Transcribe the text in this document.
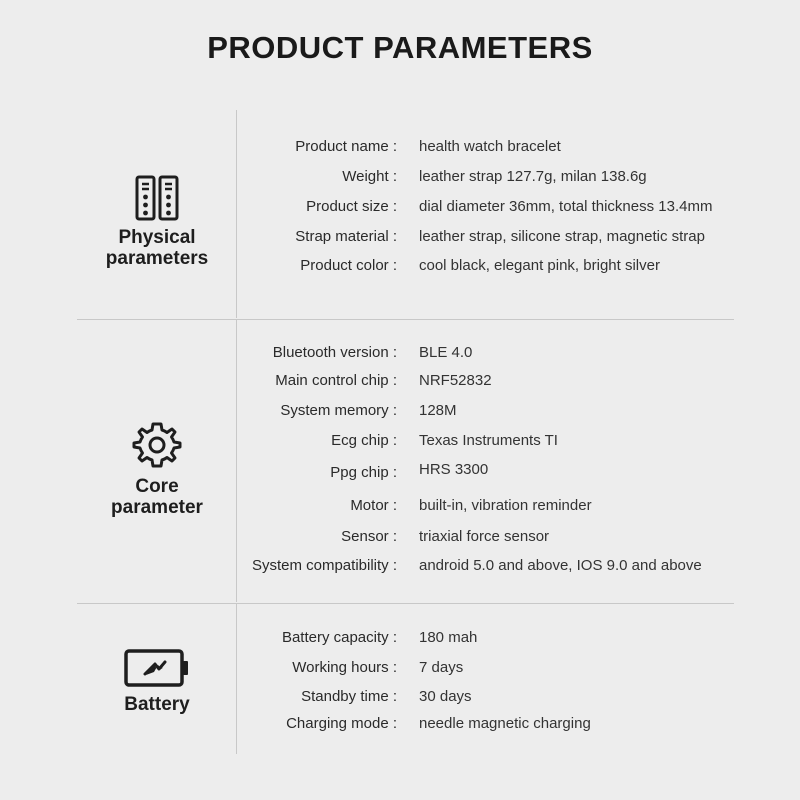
PRODUCT PARAMETERS
Physical
parameters
Core
parameter
Battery
Product name : health watch bracelet
Weight : leather strap 127.7g, milan 138.6g
Product size : dial diameter 36mm, total thickness 13.4mm
Strap material : leather strap, silicone strap, magnetic strap
Product color : cool black, elegant pink, bright silver
Bluetooth version : BLE 4.0
Main control chip : NRF52832
System memory : 128M
Ecg chip : Texas Instruments TI
Ppg chip : HRS 3300
Motor : built-in, vibration reminder
Sensor : triaxial force sensor
System compatibility : android 5.0 and above, IOS 9.0 and above
Battery capacity : 180 mah
Working hours : 7 days
Standby time : 30 days
Charging mode : needle magnetic charging
